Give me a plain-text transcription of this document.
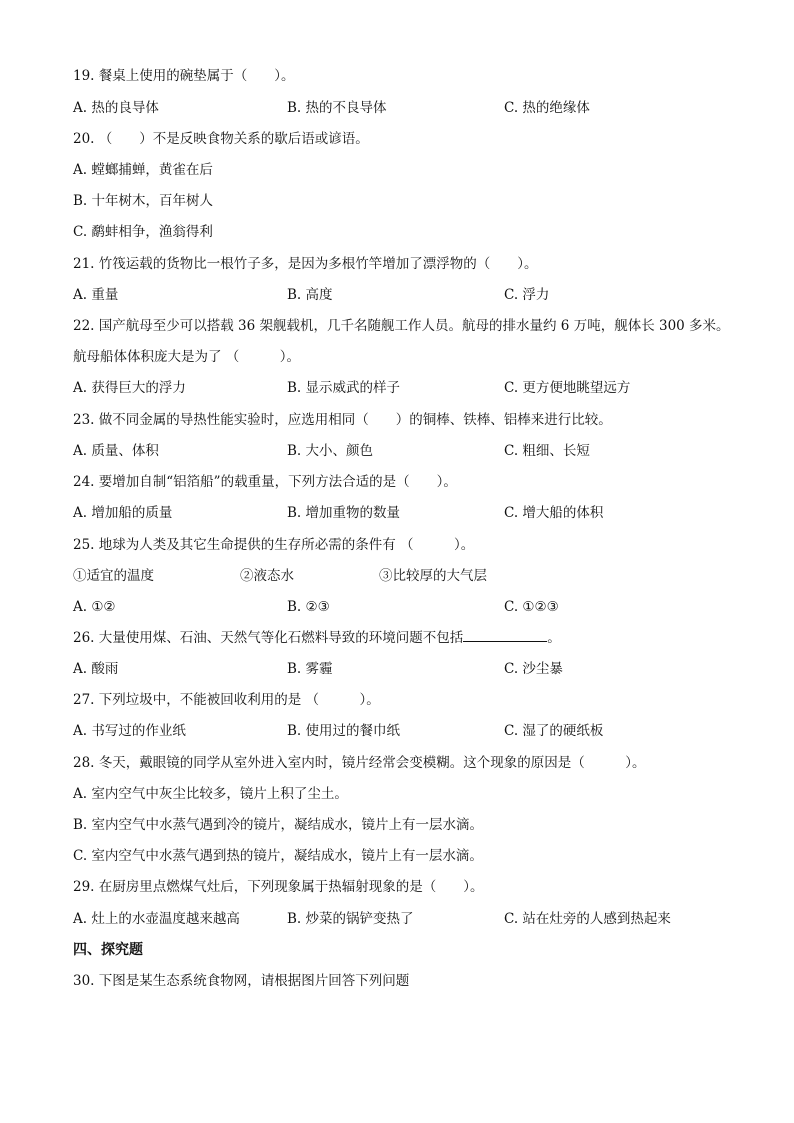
19. 餐桌上使用的碗垫属于（　　）。
A. 热的良导体	B. 热的不良导体	C. 热的绝缘体
20. （　　）不是反映食物关系的歇后语或谚语。
A. 螳螂捕蝉，黄雀在后
B. 十年树木，百年树人
C. 鹬蚌相争，渔翁得利
21. 竹筏运载的货物比一根竹子多，是因为多根竹竿增加了漂浮物的（　　）。
A. 重量	B. 高度	C. 浮力
22. 国产航母至少可以搭载 36 架舰载机，几千名随舰工作人员。航母的排水量约 6 万吨，舰体长 300 多米。
航母船体体积庞大是为了 （　　　）。
A. 获得巨大的浮力	B. 显示威武的样子	C. 更方便地眺望远方
23. 做不同金属的导热性能实验时，应选用相同（　　）的铜棒、铁棒、铝棒来进行比较。
A. 质量、体积	B. 大小、颜色	C. 粗细、长短
24. 要增加自制“铝箔船”的载重量，下列方法合适的是（　　）。
A. 增加船的质量	B. 增加重物的数量	C. 增大船的体积
25. 地球为人类及其它生命提供的生存所必需的条件有 （　　　）。
①适宜的温度	②液态水	③比较厚的大气层
A. ①②	B. ②③	C. ①②③
26. 大量使用煤、石油、天然气等化石燃料导致的环境问题不包括	。
A. 酸雨	B. 雾霾	C. 沙尘暴
27. 下列垃圾中，不能被回收利用的是 （　　　）。
A. 书写过的作业纸	B. 使用过的餐巾纸	C. 湿了的硬纸板
28. 冬天，戴眼镜的同学从室外进入室内时，镜片经常会变模糊。这个现象的原因是（　　　）。
A. 室内空气中灰尘比较多，镜片上积了尘土。
B. 室内空气中水蒸气遇到冷的镜片，凝结成水，镜片上有一层水滴。
C. 室内空气中水蒸气遇到热的镜片，凝结成水，镜片上有一层水滴。
29. 在厨房里点燃煤气灶后，下列现象属于热辐射现象的是（　　）。
A. 灶上的水壶温度越来越高	B. 炒菜的锅铲变热了	C. 站在灶旁的人感到热起来
四、探究题
30. 下图是某生态系统食物网，请根据图片回答下列问题
